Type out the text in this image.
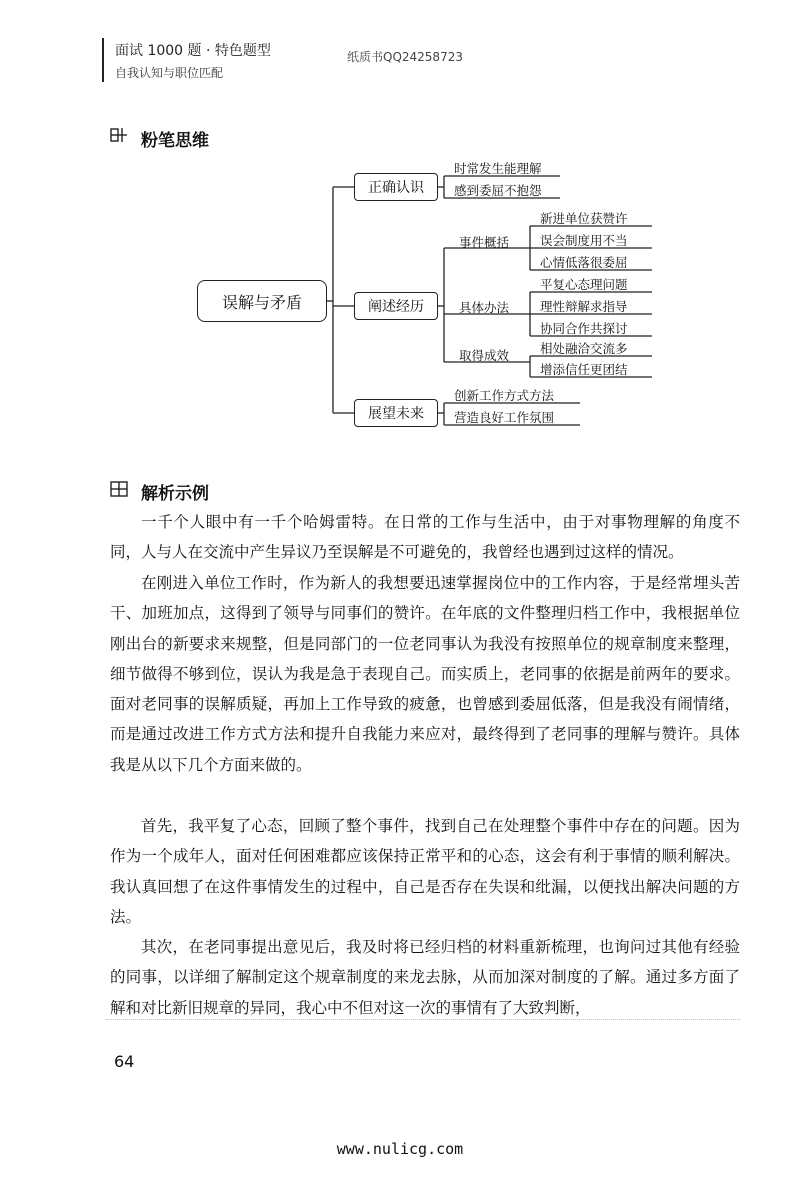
面试 1000 题 · 特色题型
自我认知与职位匹配
纸质书QQ24258723
粉笔思维
误解与矛盾
正确认识
阐述经历
展望未来
时常发生能理解
感到委屈不抱怨
事件概括
具体办法
取得成效
新进单位获赞许
误会制度用不当
心情低落很委屈
平复心态理问题
理性辩解求指导
协同合作共探讨
相处融洽交流多
增添信任更团结
创新工作方式方法
营造良好工作氛围
解析示例
一千个人眼中有一千个哈姆雷特。在日常的工作与生活中，由于对事物理解的角度不同，人与人在交流中产生异议乃至误解是不可避免的，我曾经也遇到过这样的情况。
在刚进入单位工作时，作为新人的我想要迅速掌握岗位中的工作内容，于是经常埋头苦干、加班加点，这得到了领导与同事们的赞许。在年底的文件整理归档工作中，我根据单位刚出台的新要求来规整，但是同部门的一位老同事认为我没有按照单位的规章制度来整理，细节做得不够到位，误认为我是急于表现自己。而实质上，老同事的依据是前两年的要求。面对老同事的误解质疑，再加上工作导致的疲惫，也曾感到委屈低落，但是我没有闹情绪，而是通过改进工作方式方法和提升自我能力来应对，最终得到了老同事的理解与赞许。具体我是从以下几个方面来做的。
首先，我平复了心态，回顾了整个事件，找到自己在处理整个事件中存在的问题。因为作为一个成年人，面对任何困难都应该保持正常平和的心态，这会有利于事情的顺利解决。我认真回想了在这件事情发生的过程中，自己是否存在失误和纰漏，以便找出解决问题的方法。
其次，在老同事提出意见后，我及时将已经归档的材料重新梳理，也询问过其他有经验的同事，以详细了解制定这个规章制度的来龙去脉，从而加深对制度的了解。通过多方面了解和对比新旧规章的异同，我心中不但对这一次的事情有了大致判断，
64
www.nulicg.com
